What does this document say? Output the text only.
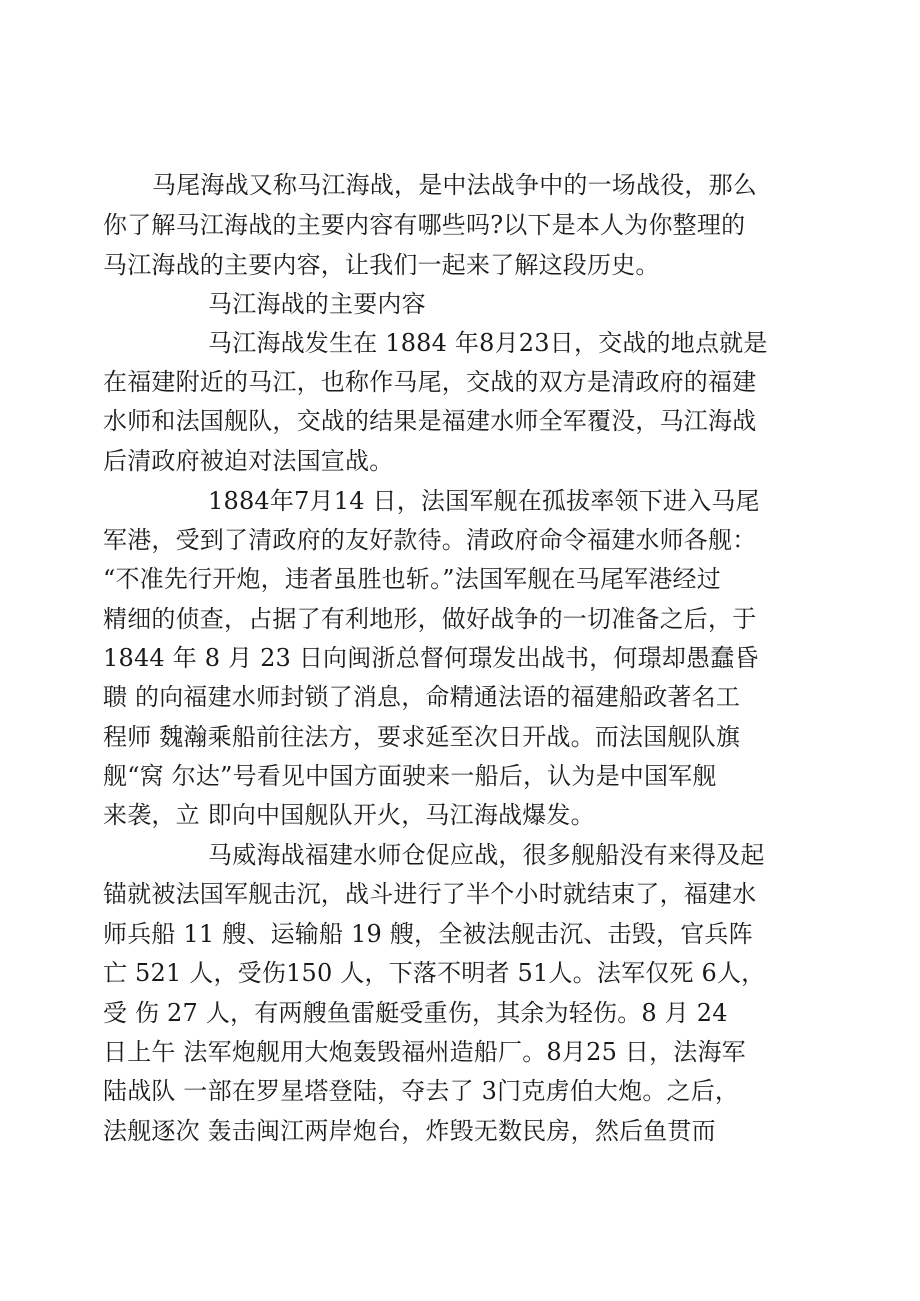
马尾海战又称马江海战，是中法战争中的一场战役，那么
你了解马江海战的主要内容有哪些吗?以下是本人为你整理的
马江海战的主要内容，让我们一起来了解这段历史。
马江海战的主要内容
马江海战发生在 1884 年8月23日，交战的地点就是
在福建附近的马江，也称作马尾，交战的双方是清政府的福建
水师和法国舰队，交战的结果是福建水师全军覆没，马江海战
后清政府被迫对法国宣战。
1884年7月14 日，法国军舰在孤拔率领下进入马尾
军港，受到了清政府的友好款待。清政府命令福建水师各舰：
“不准先行开炮，违者虽胜也斩。”法国军舰在马尾军港经过
精细的侦查，占据了有利地形，做好战争的一切准备之后，于
1844 年 8 月 23 日向闽浙总督何璟发出战书，何璟却愚蠢昏
聩 的向福建水师封锁了消息，命精通法语的福建船政著名工
程师 魏瀚乘船前往法方，要求延至次日开战。而法国舰队旗
舰“窝 尔达”号看见中国方面驶来一船后，认为是中国军舰
来袭，立 即向中国舰队开火，马江海战爆发。
马威海战福建水师仓促应战，很多舰船没有来得及起
锚就被法国军舰击沉，战斗进行了半个小时就结束了，福建水
师兵船 11 艘、运输船 19 艘，全被法舰击沉、击毁，官兵阵
亡 521 人，受伤150 人，下落不明者 51人。法军仅死 6人，
受 伤 27 人，有两艘鱼雷艇受重伤，其余为轻伤。8 月 24
日上午 法军炮舰用大炮轰毁福州造船厂。8月25 日，法海军
陆战队 一部在罗星塔登陆，夺去了 3门克虏伯大炮。之后，
法舰逐次 轰击闽江两岸炮台，炸毁无数民房，然后鱼贯而
